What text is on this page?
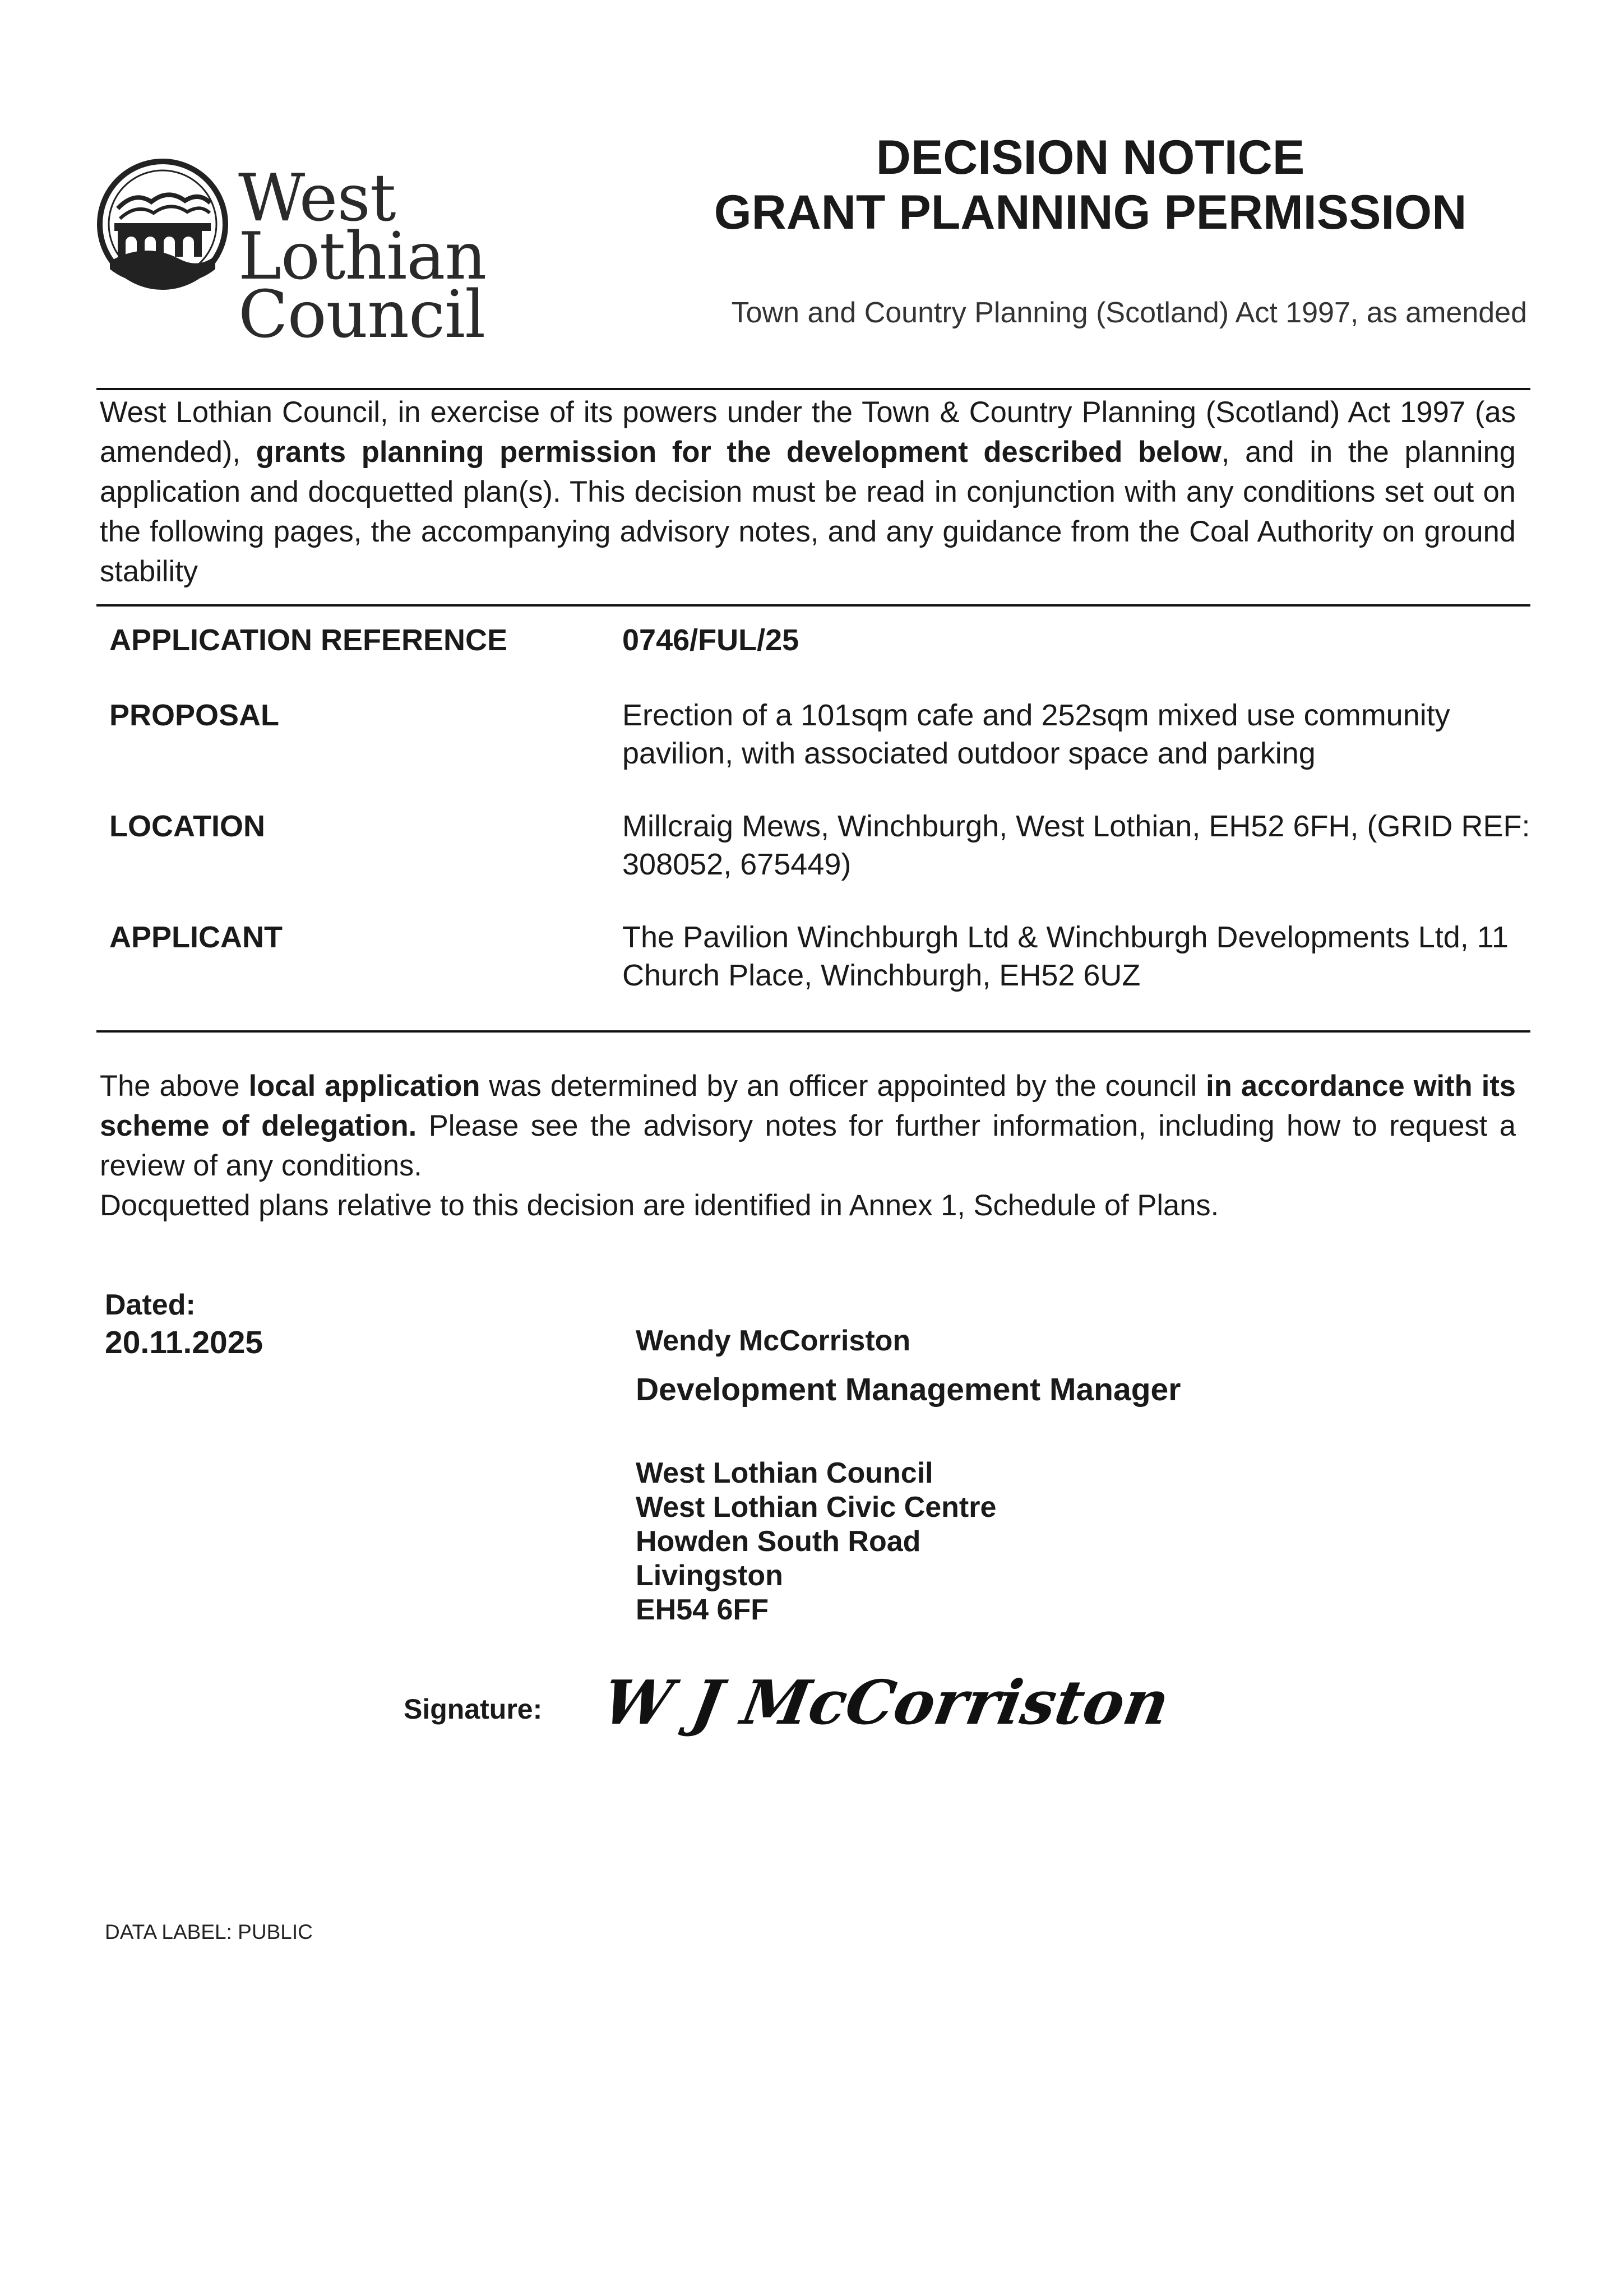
West Lothian
Council
DECISION NOTICE
GRANT PLANNING PERMISSION
Town and Country Planning (Scotland) Act 1997, as amended
West Lothian Council, in exercise of its powers under the Town & Country Planning (Scotland) Act 1997 (as amended), grants planning permission for the development described below, and in the planning application and docquetted plan(s). This decision must be read in conjunction with any conditions set out on the following pages, the accompanying advisory notes, and any guidance from the Coal Authority on ground stability
APPLICATION REFERENCE	0746/FUL/25
PROPOSAL	Erection of a 101sqm cafe and 252sqm mixed use community pavilion, with associated outdoor space and parking
LOCATION	Millcraig Mews, Winchburgh, West Lothian, EH52 6FH, (GRID REF: 308052, 675449)
APPLICANT	The Pavilion Winchburgh Ltd & Winchburgh Developments Ltd, 11 Church Place, Winchburgh, EH52 6UZ
The above local application was determined by an officer appointed by the council in accordance with its scheme of delegation. Please see the advisory notes for further information, including how to request a review of any conditions.
Docquetted plans relative to this decision are identified in Annex 1, Schedule of Plans.
Dated:
20.11.2025	Wendy McCorriston
Development Management Manager
West Lothian Council
West Lothian Civic Centre
Howden South Road
Livingston
EH54 6FF
Signature: W J McCorriston
DATA LABEL: PUBLIC
